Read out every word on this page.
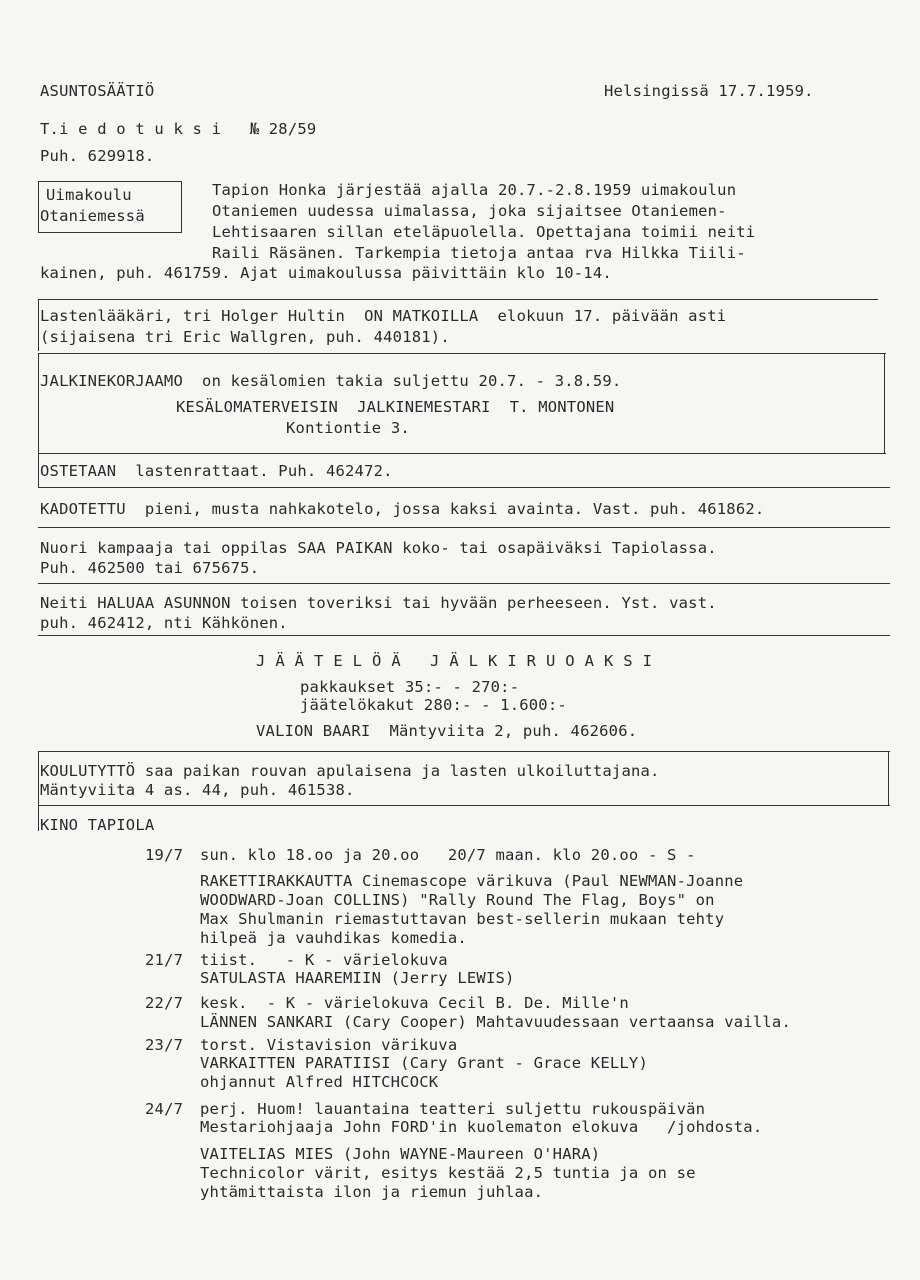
ASUNTOSÄÄTIÖ	Helsingissä 17.7.1959.
T.i e d o t u k s i   № 28/59
Puh. 629918.
Uimakoulu
Otaniemessä
Tapion Honka järjestää ajalla 20.7.-2.8.1959 uimakoulun
Otaniemen uudessa uimalassa, joka sijaitsee Otaniemen-
Lehtisaaren sillan eteläpuolella. Opettajana toimii neiti
Raili Räsänen. Tarkempia tietoja antaa rva Hilkka Tiili-
kainen, puh. 461759. Ajat uimakoulussa päivittäin klo 10-14.
Lastenlääkäri, tri Holger Hultin  ON MATKOILLA  elokuun 17. päivään asti
(sijaisena tri Eric Wallgren, puh. 440181).
JALKINEKORJAAMO  on kesälomien takia suljettu 20.7. - 3.8.59.
KESÄLOMATERVEISIN  JALKINEMESTARI  T. MONTONEN
Kontiontie 3.
OSTETAAN  lastenrattaat. Puh. 462472.
KADOTETTU  pieni, musta nahkakotelo, jossa kaksi avainta. Vast. puh. 461862.
Nuori kampaaja tai oppilas SAA PAIKAN koko- tai osapäiväksi Tapiolassa.
Puh. 462500 tai 675675.
Neiti HALUAA ASUNNON toisen toveriksi tai hyvään perheeseen. Yst. vast.
puh. 462412, nti Kähkönen.
JÄÄTELÖÄ JÄLKIRUOAKSI
pakkaukset 35:- - 270:-
jäätelökakut 280:- - 1.600:-
VALION BAARI  Mäntyviita 2, puh. 462606.
KOULUTYTTÖ saa paikan rouvan apulaisena ja lasten ulkoiluttajana.
Mäntyviita 4 as. 44, puh. 461538.
KINO TAPIOLA
19/7 sun. klo 18.oo ja 20.oo   20/7 maan. klo 20.oo - S -
RAKETTIRAKKAUTTA Cinemascope värikuva (Paul NEWMAN-Joanne
WOODWARD-Joan COLLINS) "Rally Round The Flag, Boys" on
Max Shulmanin riemastuttavan best-sellerin mukaan tehty
hilpeä ja vauhdikas komedia.
21/7 tiist.   - K - värielokuva
SATULASTA HAAREMIIN (Jerry LEWIS)
22/7 kesk.  - K - värielokuva Cecil B. De. Mille'n
LÄNNEN SANKARI (Cary Cooper) Mahtavuudessaan vertaansa vailla.
23/7 torst. Vistavision värikuva
VARKAITTEN PARATIISI (Cary Grant - Grace KELLY)
ohjannut Alfred HITCHCOCK
24/7 perj. Huom! lauantaina teatteri suljettu rukouspäivän
Mestariohjaaja John FORD'in kuolematon elokuva   /johdosta.
VAITELIAS MIES (John WAYNE-Maureen O'HARA)
Technicolor värit, esitys kestää 2,5 tuntia ja on se
yhtämittaista ilon ja riemun juhlaa.
